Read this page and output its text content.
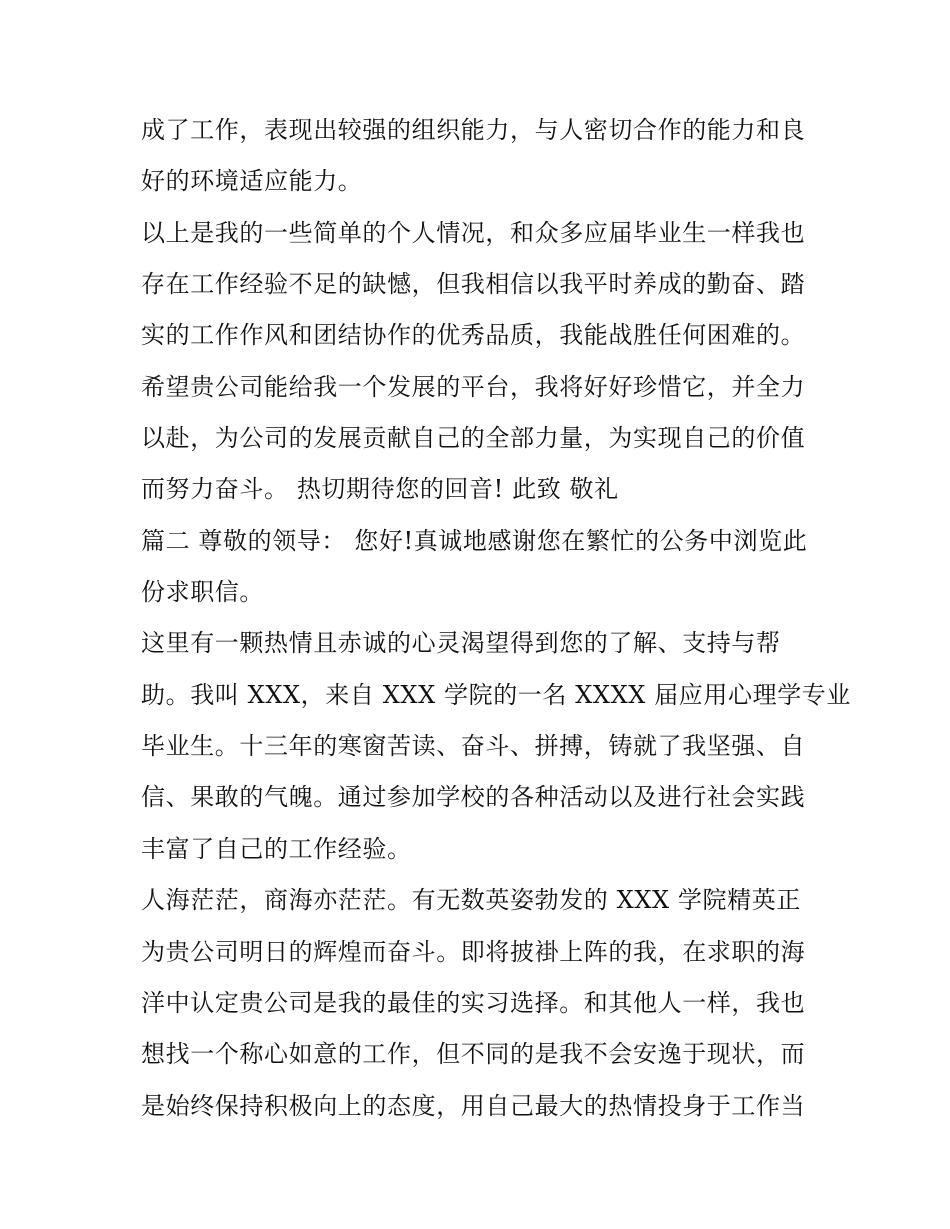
成了工作，表现出较强的组织能力，与人密切合作的能力和良
好的环境适应能力。
以上是我的一些简单的个人情况，和众多应届毕业生一样我也
存在工作经验不足的缺憾，但我相信以我平时养成的勤奋、踏
实的工作作风和团结协作的优秀品质，我能战胜任何困难的。
希望贵公司能给我一个发展的平台，我将好好珍惜它，并全力
以赴，为公司的发展贡献自己的全部力量，为实现自己的价值
而努力奋斗。 热切期待您的回音! 此致 敬礼
篇二 尊敬的领导： 您好!真诚地感谢您在繁忙的公务中浏览此
份求职信。
这里有一颗热情且赤诚的心灵渴望得到您的了解、支持与帮
助。我叫 XXX，来自 XXX 学院的一名 XXXX 届应用心理学专业
毕业生。十三年的寒窗苦读、奋斗、拼搏，铸就了我坚强、自
信、果敢的气魄。通过参加学校的各种活动以及进行社会实践
丰富了自己的工作经验。
人海茫茫，商海亦茫茫。有无数英姿勃发的 XXX 学院精英正
为贵公司明日的辉煌而奋斗。即将披褂上阵的我，在求职的海
洋中认定贵公司是我的最佳的实习选择。和其他人一样，我也
想找一个称心如意的工作，但不同的是我不会安逸于现状，而
是始终保持积极向上的态度，用自己最大的热情投身于工作当
